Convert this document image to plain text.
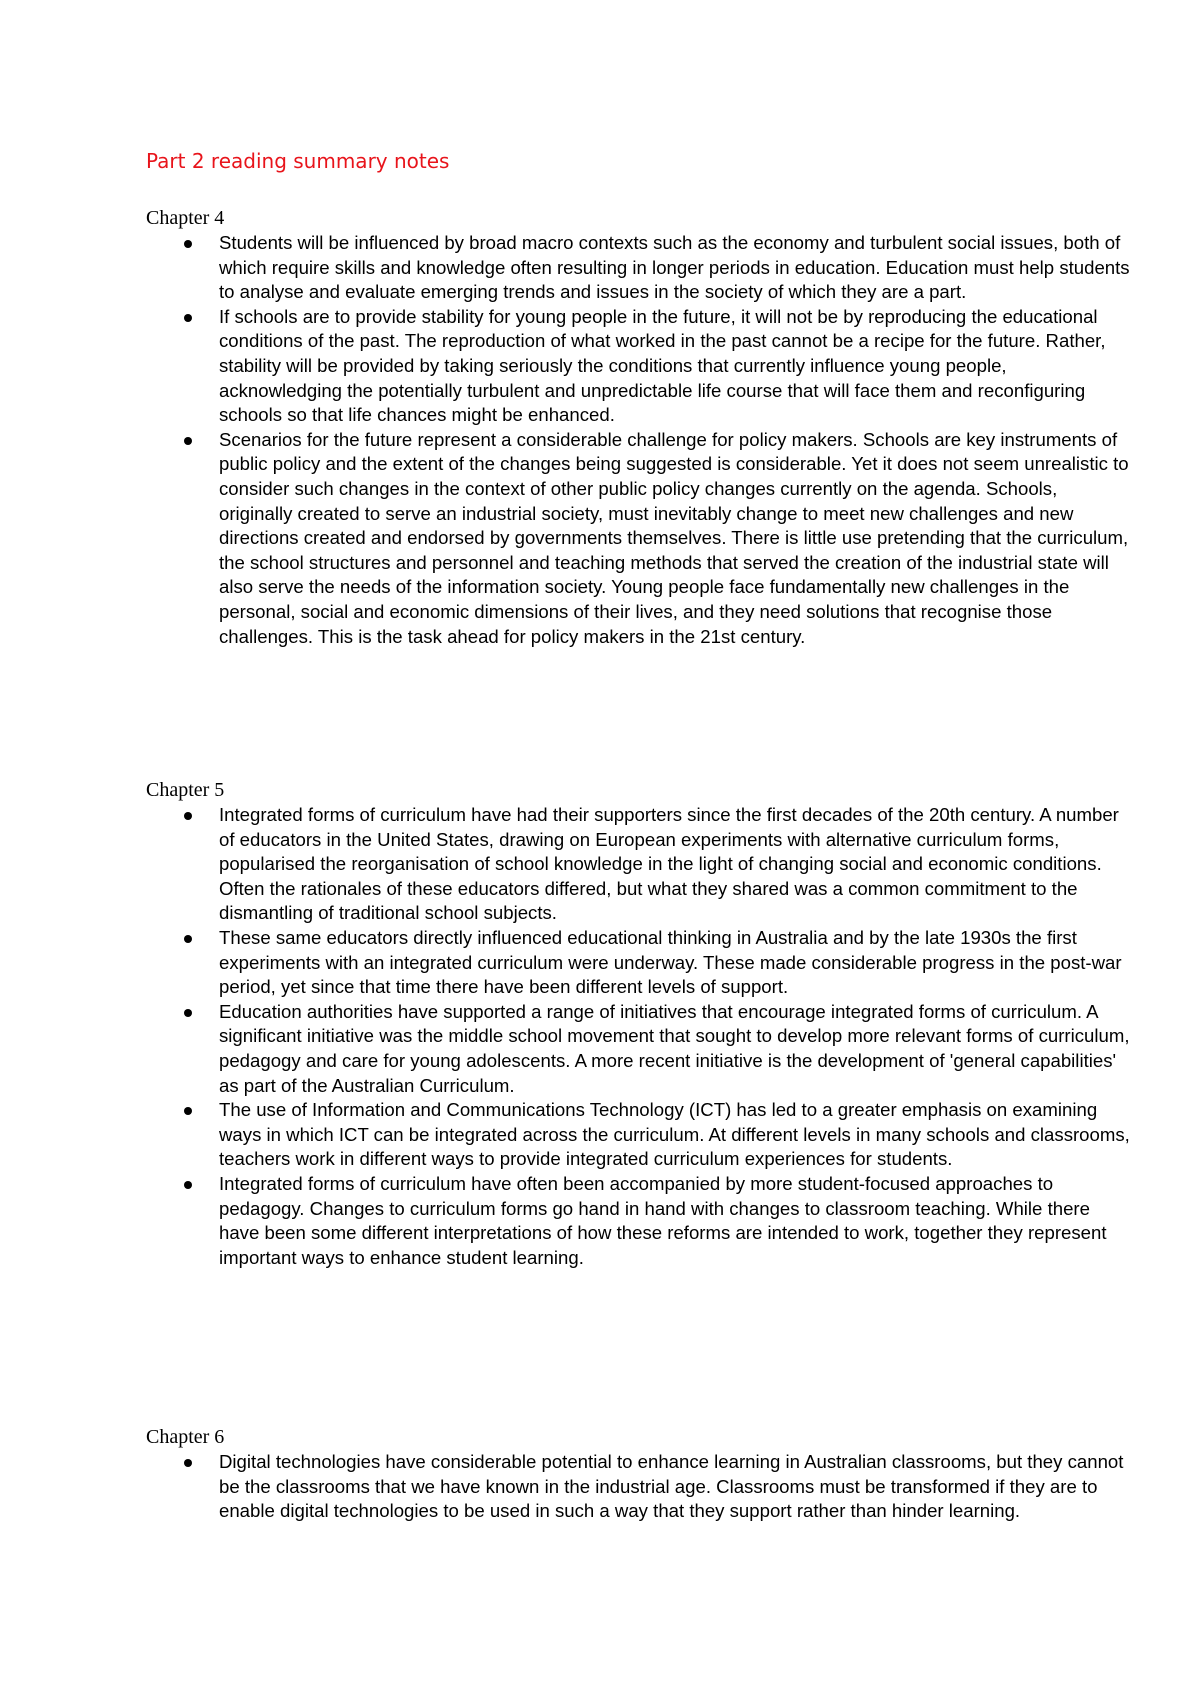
Part 2 reading summary notes
Chapter 4
Students will be influenced by broad macro contexts such as the economy and turbulent social issues, both of which require skills and knowledge often resulting in longer periods in education. Education must help students to analyse and evaluate emerging trends and issues in the society of which they are a part.
If schools are to provide stability for young people in the future, it will not be by reproducing the educational conditions of the past. The reproduction of what worked in the past cannot be a recipe for the future. Rather, stability will be provided by taking seriously the conditions that currently influence young people, acknowledging the potentially turbulent and unpredictable life course that will face them and reconfiguring schools so that life chances might be enhanced.
Scenarios for the future represent a considerable challenge for policy makers. Schools are key instruments of public policy and the extent of the changes being suggested is considerable. Yet it does not seem unrealistic to consider such changes in the context of other public policy changes currently on the agenda. Schools, originally created to serve an industrial society, must inevitably change to meet new challenges and new directions created and endorsed by governments themselves. There is little use pretending that the curriculum, the school structures and personnel and teaching methods that served the creation of the industrial state will also serve the needs of the information society. Young people face fundamentally new challenges in the personal, social and economic dimensions of their lives, and they need solutions that recognise those challenges. This is the task ahead for policy makers in the 21st century.
Chapter 5
Integrated forms of curriculum have had their supporters since the first decades of the 20th century. A number of educators in the United States, drawing on European experiments with alternative curriculum forms, popularised the reorganisation of school knowledge in the light of changing social and economic conditions. Often the rationales of these educators differed, but what they shared was a common commitment to the dismantling of traditional school subjects.
These same educators directly influenced educational thinking in Australia and by the late 1930s the first experiments with an integrated curriculum were underway. These made considerable progress in the post-war period, yet since that time there have been different levels of support.
Education authorities have supported a range of initiatives that encourage integrated forms of curriculum. A significant initiative was the middle school movement that sought to develop more relevant forms of curriculum, pedagogy and care for young adolescents. A more recent initiative is the development of 'general capabilities' as part of the Australian Curriculum.
The use of Information and Communications Technology (ICT) has led to a greater emphasis on examining ways in which ICT can be integrated across the curriculum. At different levels in many schools and classrooms, teachers work in different ways to provide integrated curriculum experiences for students.
Integrated forms of curriculum have often been accompanied by more student-focused approaches to pedagogy. Changes to curriculum forms go hand in hand with changes to classroom teaching. While there have been some different interpretations of how these reforms are intended to work, together they represent important ways to enhance student learning.
Chapter 6
Digital technologies have considerable potential to enhance learning in Australian classrooms, but they cannot be the classrooms that we have known in the industrial age. Classrooms must be transformed if they are to enable digital technologies to be used in such a way that they support rather than hinder learning.
